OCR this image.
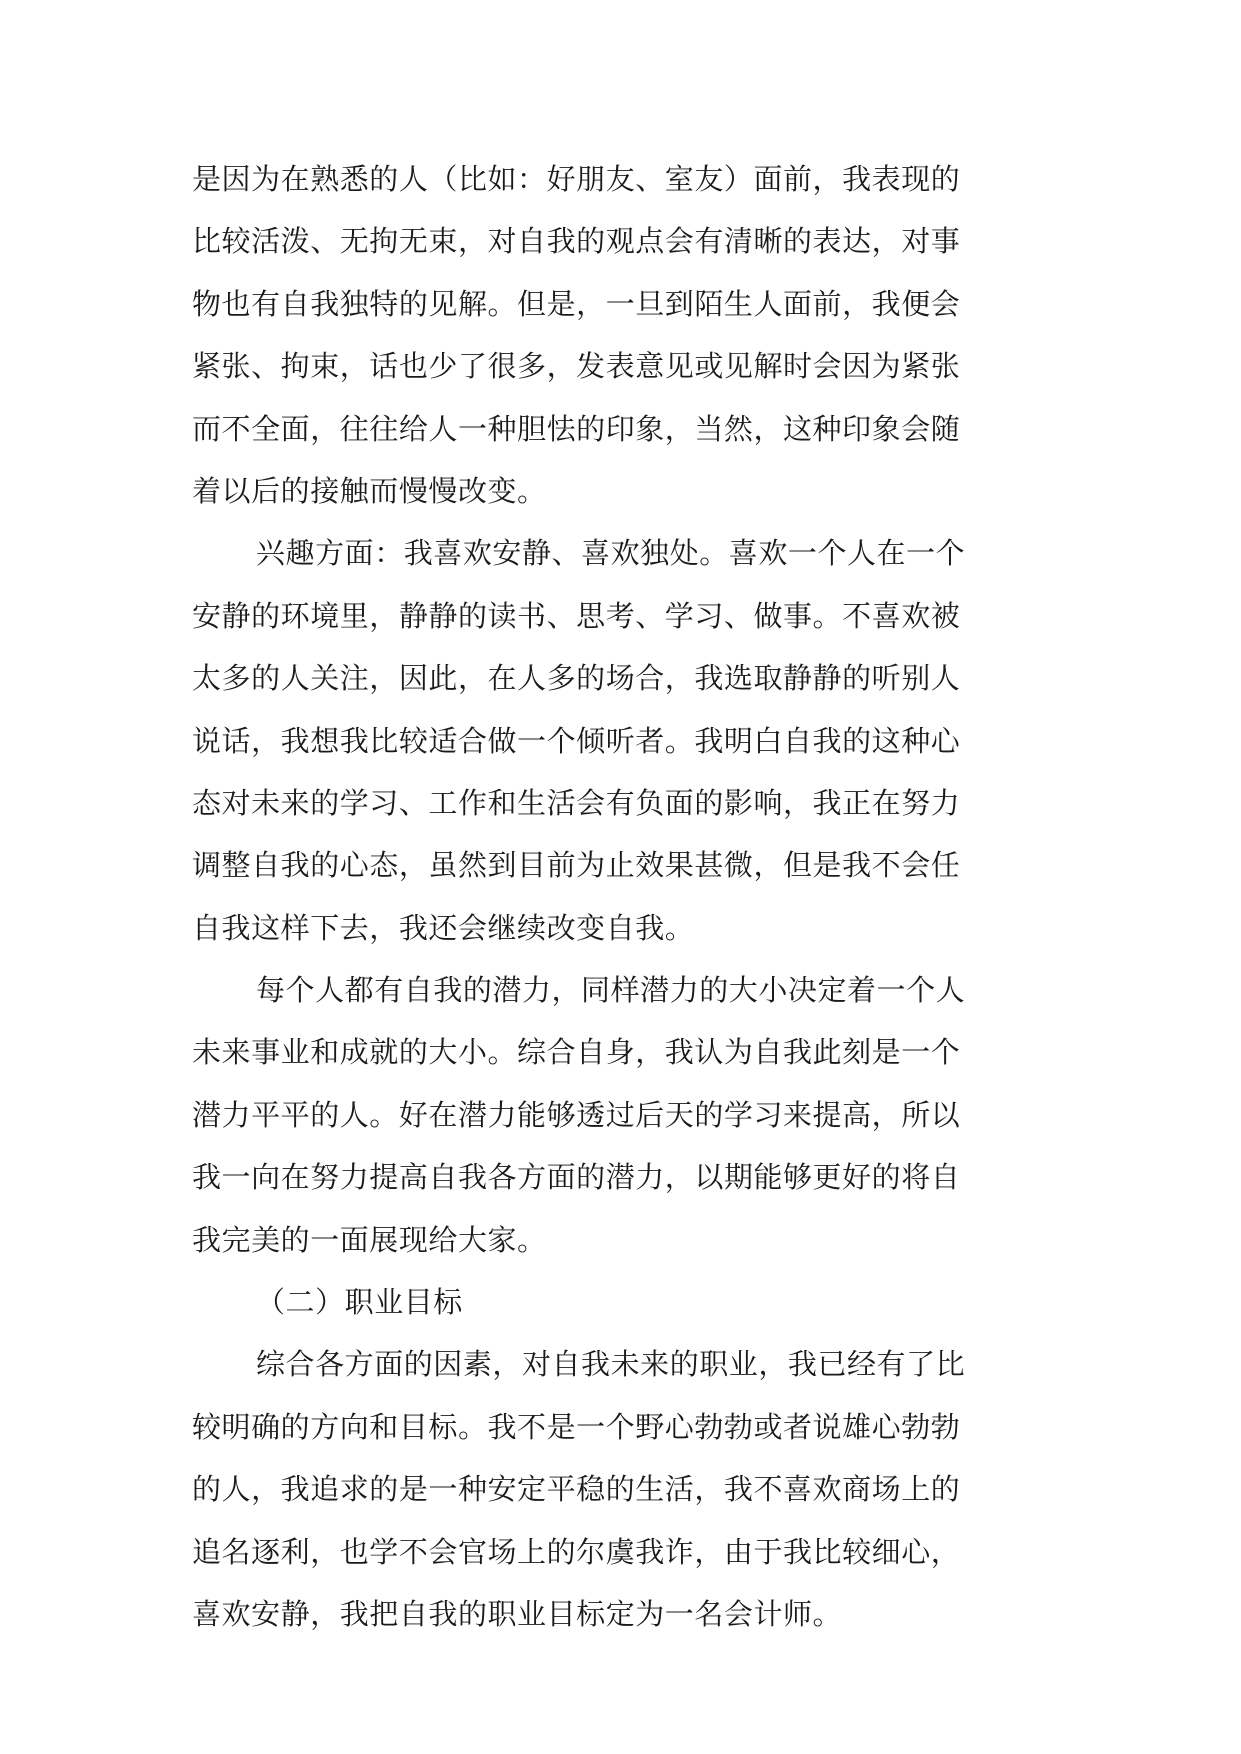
是因为在熟悉的人（比如：好朋友、室友）面前，我表现的
比较活泼、无拘无束，对自我的观点会有清晰的表达，对事
物也有自我独特的见解。但是，一旦到陌生人面前，我便会
紧张、拘束，话也少了很多，发表意见或见解时会因为紧张
而不全面，往往给人一种胆怯的印象，当然，这种印象会随
着以后的接触而慢慢改变。
兴趣方面：我喜欢安静、喜欢独处。喜欢一个人在一个
安静的环境里，静静的读书、思考、学习、做事。不喜欢被
太多的人关注，因此，在人多的场合，我选取静静的听别人
说话，我想我比较适合做一个倾听者。我明白自我的这种心
态对未来的学习、工作和生活会有负面的影响，我正在努力
调整自我的心态，虽然到目前为止效果甚微，但是我不会任
自我这样下去，我还会继续改变自我。
每个人都有自我的潜力，同样潜力的大小决定着一个人
未来事业和成就的大小。综合自身，我认为自我此刻是一个
潜力平平的人。好在潜力能够透过后天的学习来提高，所以
我一向在努力提高自我各方面的潜力，以期能够更好的将自
我完美的一面展现给大家。
（二）职业目标
综合各方面的因素，对自我未来的职业，我已经有了比
较明确的方向和目标。我不是一个野心勃勃或者说雄心勃勃
的人，我追求的是一种安定平稳的生活，我不喜欢商场上的
追名逐利，也学不会官场上的尔虞我诈，由于我比较细心，
喜欢安静，我把自我的职业目标定为一名会计师。
